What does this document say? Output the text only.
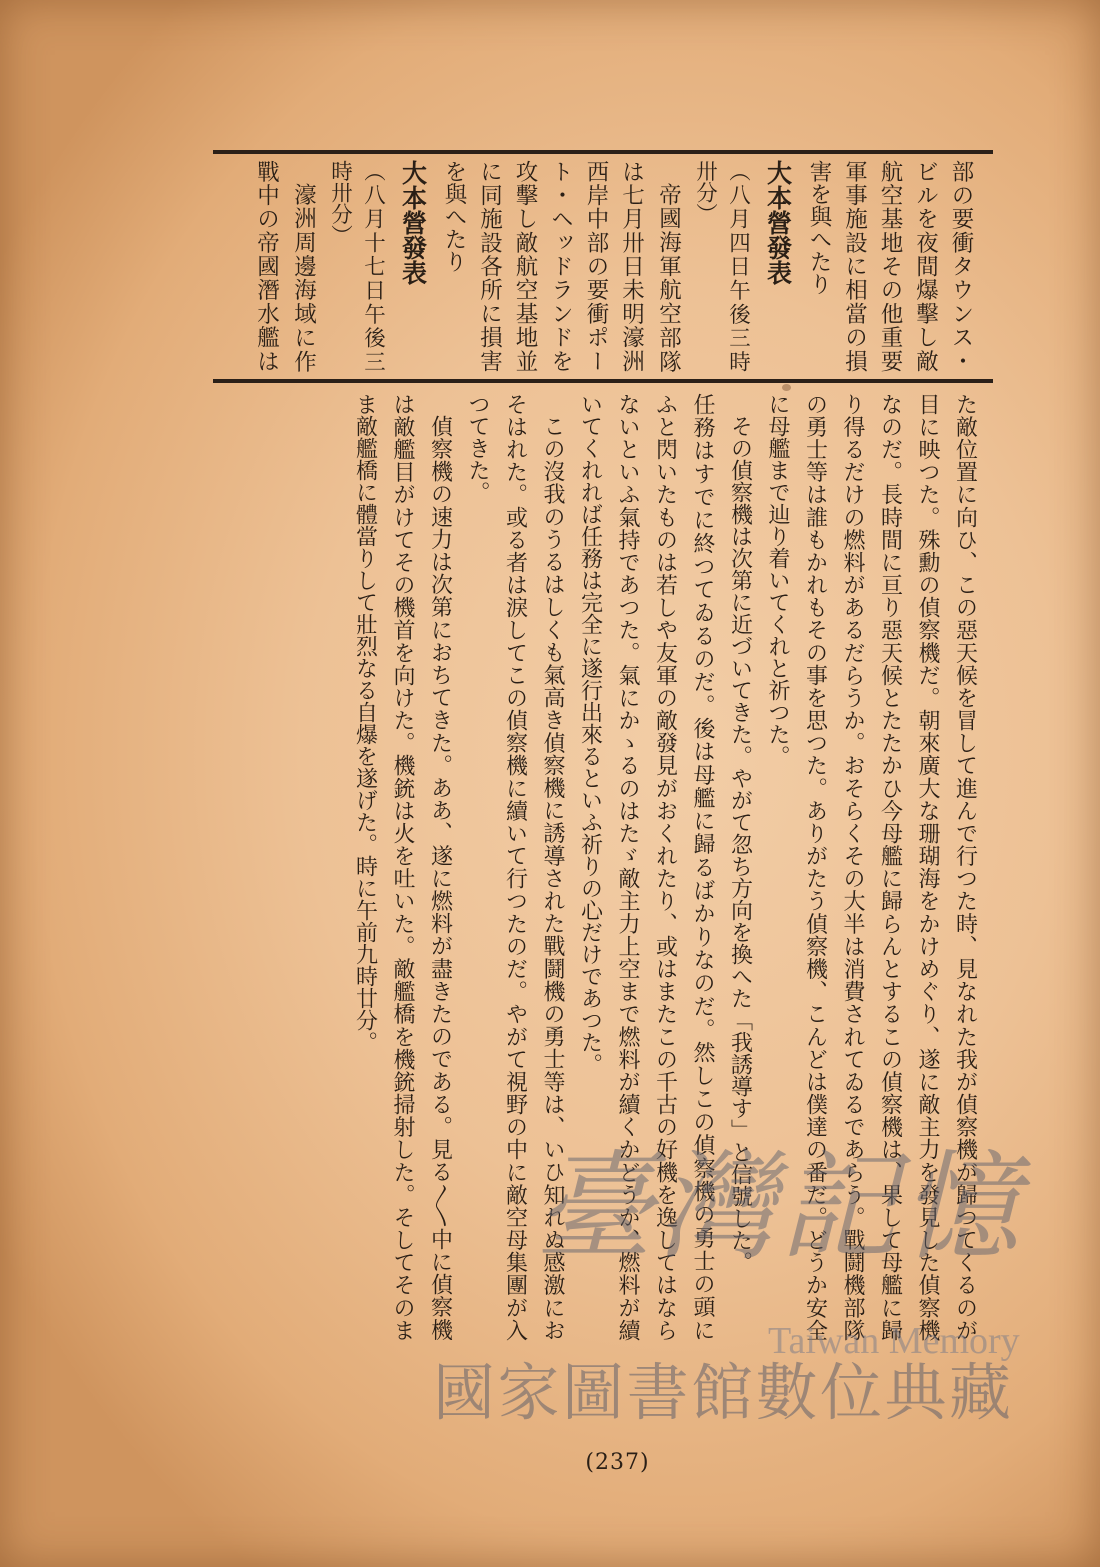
部の要衝タウンス・
ビルを夜間爆擊し敵
航空基地その他重要
軍事施設に相當の損
害を與へたり
大本營發表
（八月四日午後三時
卅分）
帝國海軍航空部隊
は七月卅日未明濠洲
西岸中部の要衝ポー
ト・ヘッドランドを
攻擊し敵航空基地並
に同施設各所に損害
を與へたり
大本營發表
（八月十七日午後三
時卅分）
濠洲周邊海域に作
戰中の帝國潛水艦は
た敵位置に向ひ、この惡天候を冒して進んで行つた時、見なれた我が偵察機が歸つてくるのが
目に映つた。殊勳の偵察機だ。朝來廣大な珊瑚海をかけめぐり、遂に敵主力を發見した偵察機
なのだ。長時間に亘り惡天候とたたかひ今母艦に歸らんとするこの偵察機は、果して母艦に歸
り得るだけの燃料があるだらうか。おそらくその大半は消費されてゐるであらう。戰鬪機部隊
の勇士等は誰もかれもその事を思つた。ありがたう偵察機、こんどは僕達の番だ。どうか安全
に母艦まで辿り着いてくれと祈つた。
その偵察機は次第に近づいてきた。やがて忽ち方向を換へた「我誘導す」と信號した。
任務はすでに終つてゐるのだ。後は母艦に歸るばかりなのだ。然しこの偵察機の勇士の頭に
ふと閃いたものは若しや友軍の敵發見がおくれたり、或はまたこの千古の好機を逸してはなら
ないといふ氣持であつた。氣にかゝるのはたゞ敵主力上空まで燃料が續くかどうか、燃料が續
いてくれれば任務は完全に遂行出來るといふ祈りの心だけであつた。
この沒我のうるはしくも氣高き偵察機に誘導された戰鬪機の勇士等は、いひ知れぬ感激にお
そはれた。或る者は淚してこの偵察機に續いて行つたのだ。やがて視野の中に敵空母集團が入
つてきた。
偵察機の速力は次第におちてきた。ああ、遂に燃料が盡きたのである。見る〳〵中に偵察機
は敵艦目がけてその機首を向けた。機銃は火を吐いた。敵艦橋を機銃掃射した。そしてそのま
ま敵艦橋に體當りして壯烈なる自爆を遂げた。時に午前九時廿分。
(237)
臺灣記憶
Taiwan Memory
國家圖書館數位典藏
